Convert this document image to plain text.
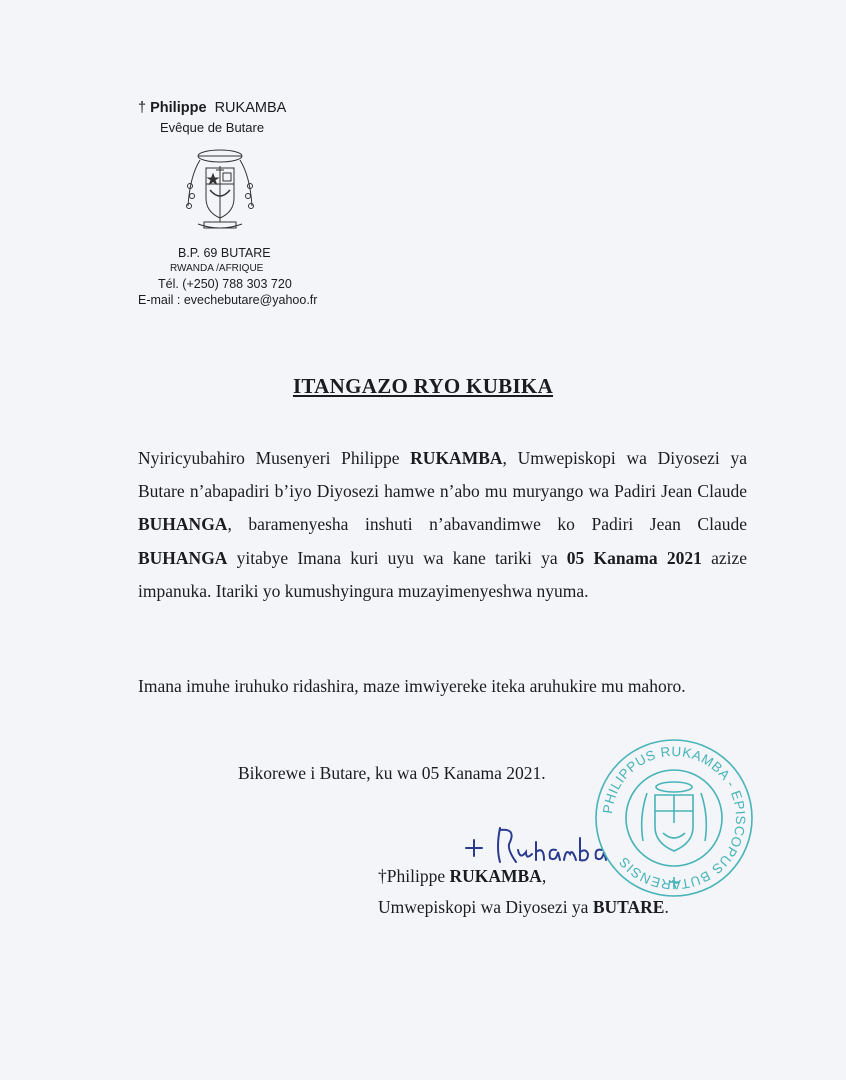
† Philippe RUKAMBA
Evêque de Butare
B.P. 69 BUTARE
RWANDA /AFRIQUE
Tél. (+250) 788 303 720
E-mail : evechebutare@yahoo.fr
ITANGAZO RYO KUBIKA
Nyiricyubahiro Musenyeri Philippe RUKAMBA, Umwepiskopi wa Diyosezi ya Butare n’abapadiri b’iyo Diyosezi hamwe n’abo mu muryango wa Padiri Jean Claude BUHANGA, baramenyesha inshuti n’abavandimwe ko Padiri Jean Claude BUHANGA yitabye Imana kuri uyu wa kane tariki ya 05 Kanama 2021 azize impanuka. Itariki yo kumushyingura muzayimenyeshwa nyuma.
Imana imuhe iruhuko ridashira, maze imwiyereke iteka aruhukire mu mahoro.
Bikorewe i Butare, ku wa 05 Kanama 2021.
†Philippe RUKAMBA,
Umwepiskopi wa Diyosezi ya BUTARE.
PHILIPPUS RUKAMBA - EPISCOPUS BUTARENSIS
